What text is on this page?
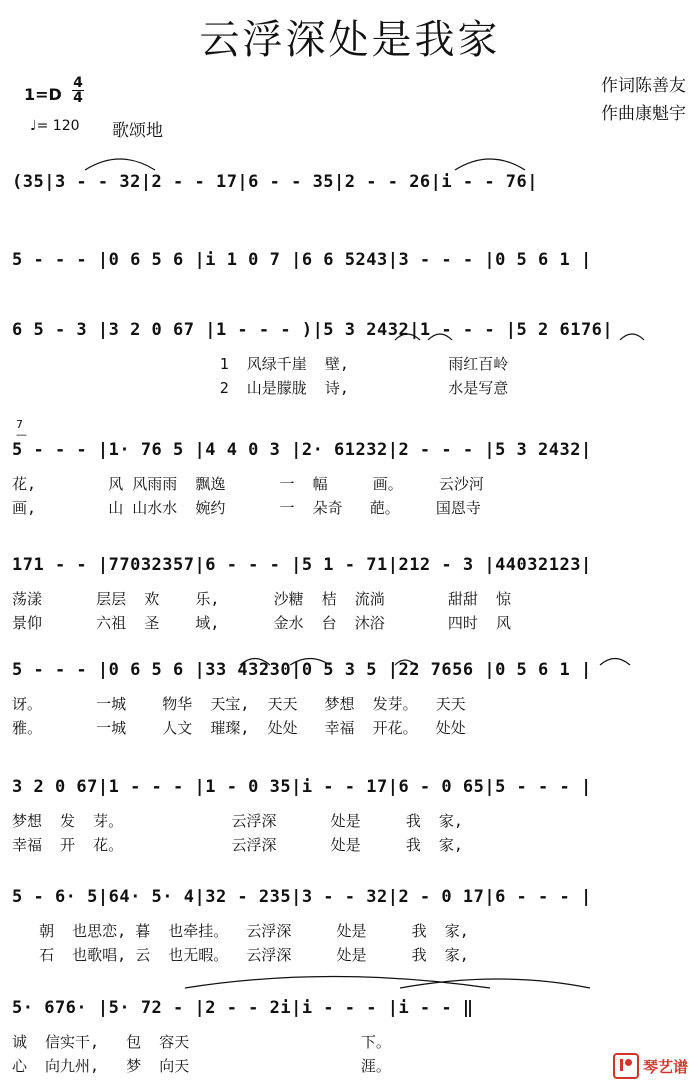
云浮深处是我家
1=D
4
4
♩= 120 歌颂地
作词陈善友
作曲康魁宇
(35|3 - - 32|2 - - 17|6 - - 35|2 - - 26|i - - 76|
5 - - - |0 6 5 6 |i 1 0 7 |6 6 5243|3 - - - |0 5 6 1 |
6 5 - 3 |3 2 0 67 |1 - - - )|5 3 2432|1 - - - |5 2 6176|
1  风绿千崖  壁,           雨红百岭
2  山是朦胧  诗,           水是写意
5 - - - |1· 76 5 |4 4 0 3 |2· 61232|2 - - - |5 3 2432|
花,        风 风雨雨  飘逸      一  幅     画。    云沙河
画,        山 山水水  婉约      一  朵奇   葩。    国恩寺
171 - - |77032357|6 - - - |5 1 - 71|212 - 3 |44032123|
荡漾      层层  欢    乐,      沙糖  桔  流淌       甜甜  惊
景仰      六祖  圣    域,      金水  台  沐浴       四时  风
5 - - - |0 6 5 6 |33 43230|0 5 3 5 |22 7656 |0 5 6 1 |
讶。      一城    物华  天宝,  天天   梦想  发芽。  天天
雅。      一城    人文  璀璨,  处处   幸福  开花。  处处
3 2 0 67|1 - - - |1 - 0 35|i - - 17|6 - 0 65|5 - - - |
梦想  发  芽。            云浮深      处是     我  家,
幸福  开  花。            云浮深      处是     我  家,
5 - 6· 5|64· 5· 4|32 - 235|3 - - 32|2 - 0 17|6 - - - |
朝  也思恋, 暮  也牵挂。  云浮深     处是     我  家,
石  也歌唱, 云  也无暇。  云浮深     处是     我  家,
5· 676· |5· 72 - |2 - - 2i|i - - - |i - - ‖
诚  信实干,   包  容天                   下。
心  向九州,   梦  向天                   涯。
7
—
琴艺谱
